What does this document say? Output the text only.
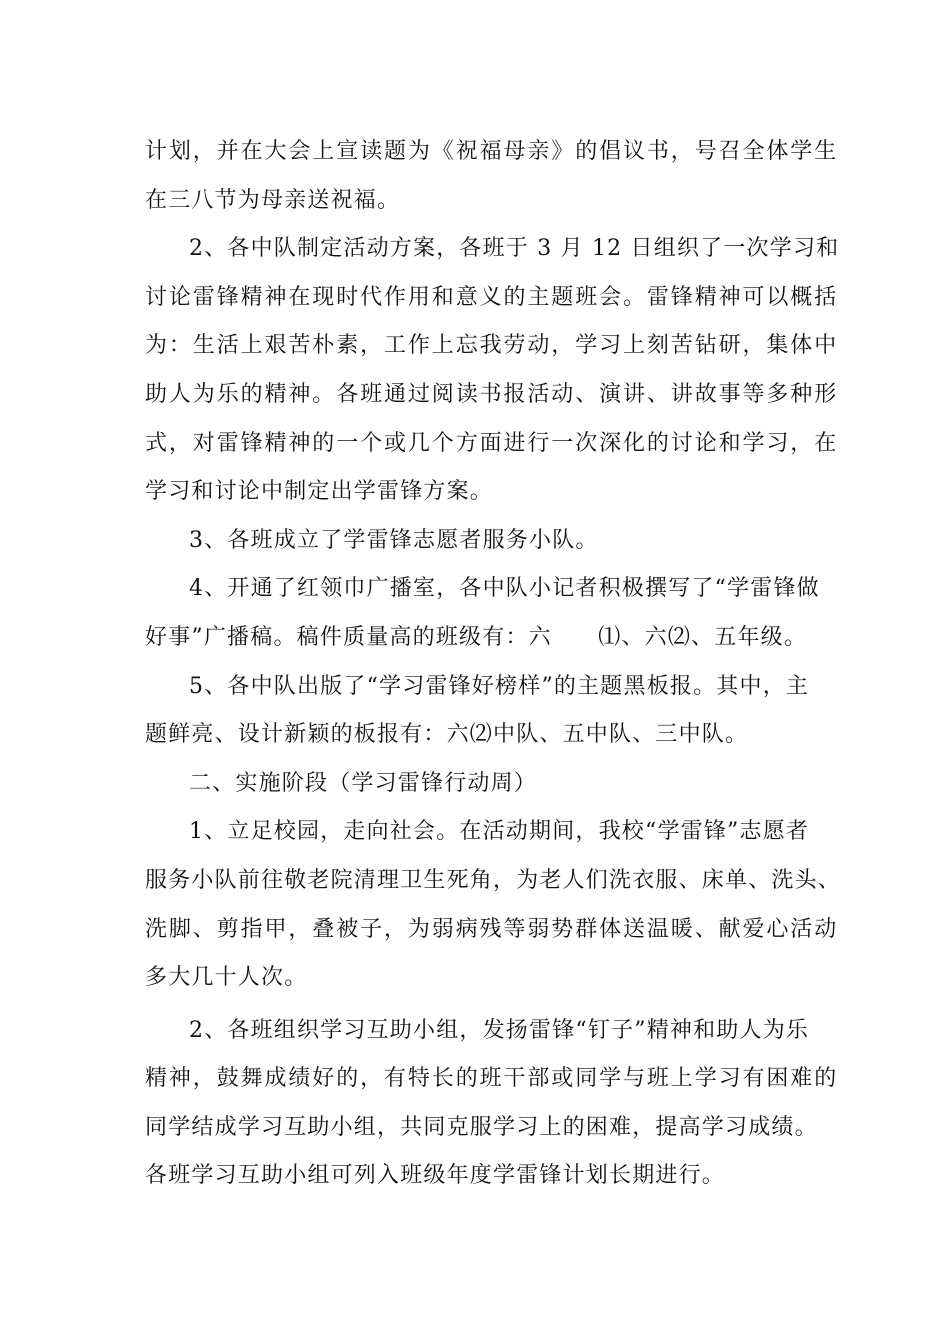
计划，并在大会上宣读题为《祝福母亲》的倡议书，号召全体学生
在三八节为母亲送祝福。
2、各中队制定活动方案，各班于 3 月 12 日组织了一次学习和
讨论雷锋精神在现时代作用和意义的主题班会。雷锋精神可以概括
为：生活上艰苦朴素，工作上忘我劳动，学习上刻苦钻研，集体中
助人为乐的精神。各班通过阅读书报活动、演讲、讲故事等多种形
式，对雷锋精神的一个或几个方面进行一次深化的讨论和学习，在
学习和讨论中制定出学雷锋方案。
3、各班成立了学雷锋志愿者服务小队。
4、开通了红领巾广播室，各中队小记者积极撰写了“学雷锋做
好事”广播稿。稿件质量高的班级有：六　　⑴、六⑵、五年级。
5、各中队出版了“学习雷锋好榜样”的主题黑板报。其中，主
题鲜亮、设计新颖的板报有：六⑵中队、五中队、三中队。
二、实施阶段（学习雷锋行动周）
1、立足校园，走向社会。在活动期间，我校“学雷锋”志愿者
服务小队前往敬老院清理卫生死角，为老人们洗衣服、床单、洗头、
洗脚、剪指甲，叠被子，为弱病残等弱势群体送温暖、献爱心活动
多大几十人次。
2、各班组织学习互助小组，发扬雷锋“钉子”精神和助人为乐
精神，鼓舞成绩好的，有特长的班干部或同学与班上学习有困难的
同学结成学习互助小组，共同克服学习上的困难，提高学习成绩。
各班学习互助小组可列入班级年度学雷锋计划长期进行。
